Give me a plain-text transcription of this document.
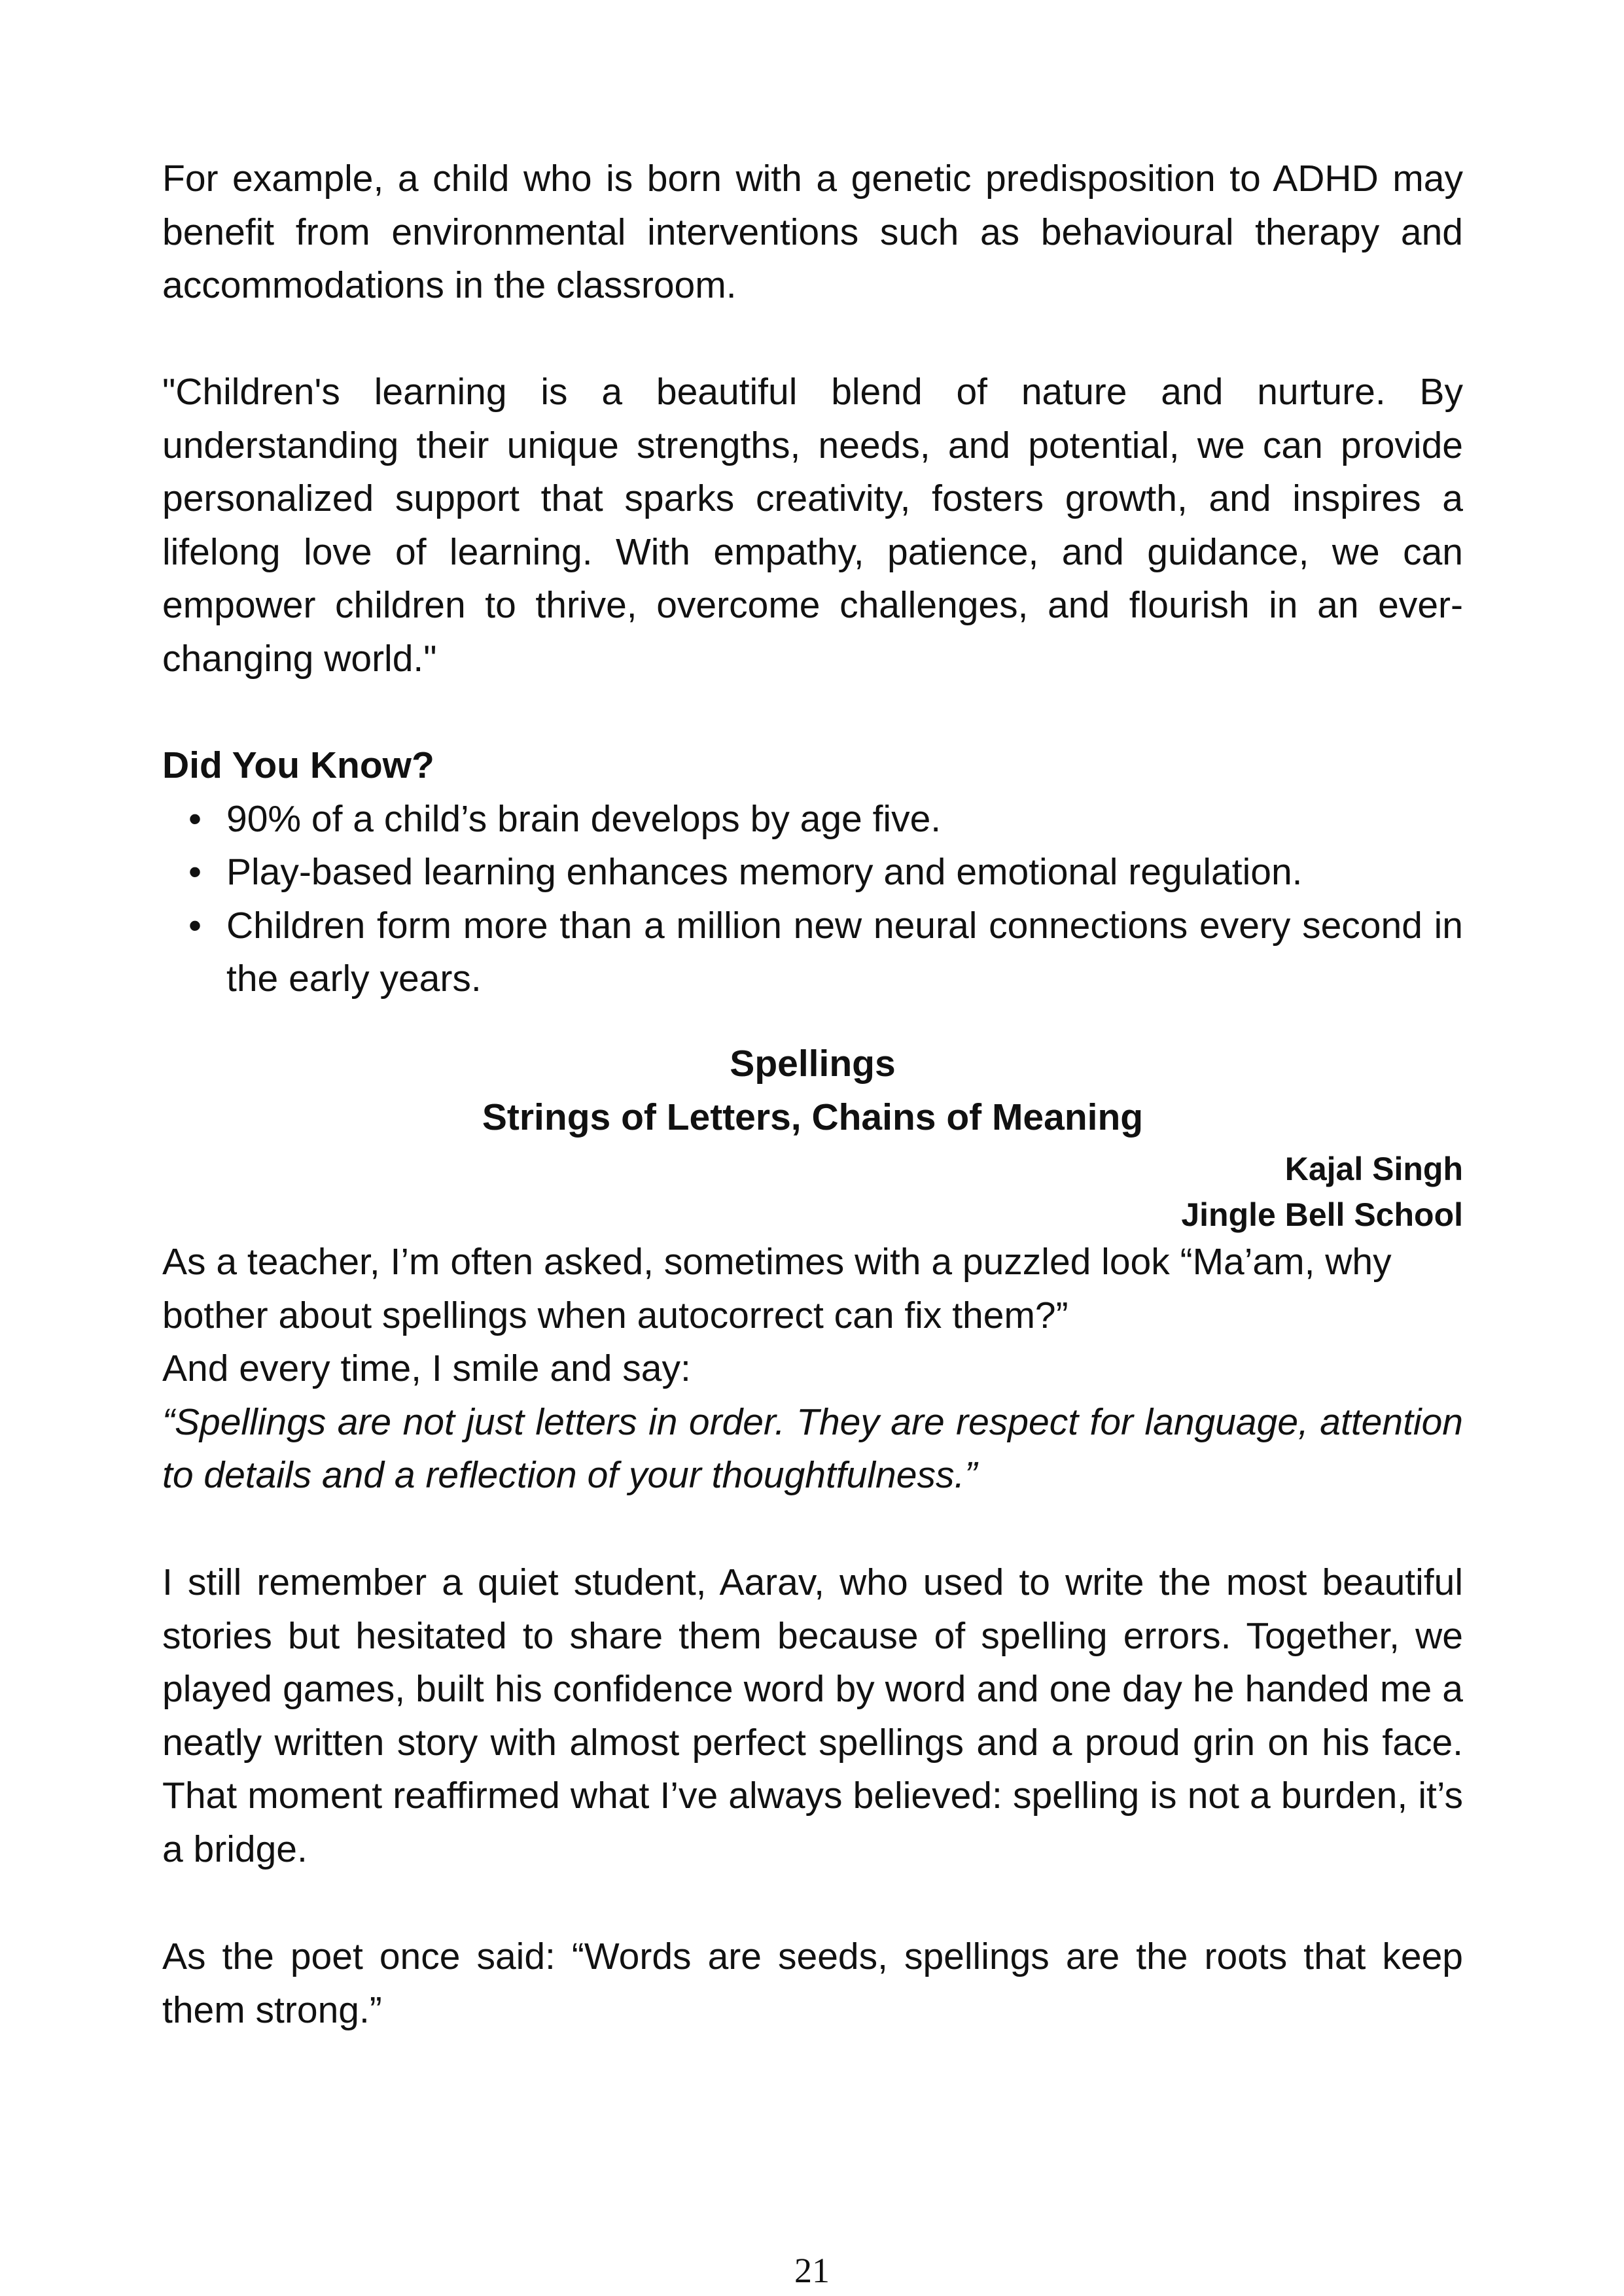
For example, a child who is born with a genetic predisposition to ADHD may benefit from environmental interventions such as behavioural therapy and accommodations in the classroom.

"Children's learning is a beautiful blend of nature and nurture. By understanding their unique strengths, needs, and potential, we can provide personalized support that sparks creativity, fosters growth, and inspires a lifelong love of learning. With empathy, patience, and guidance, we can empower children to thrive, overcome challenges, and flourish in an ever-changing world."

Did You Know?

• 90% of a child’s brain develops by age five.
• Play-based learning enhances memory and emotional regulation.
• Children form more than a million new neural connections every second in the early years.

Spellings

Strings of Letters, Chains of Meaning

Kajal Singh

Jingle Bell School

As a teacher, I’m often asked, sometimes with a puzzled look “Ma’am, why bother about spellings when autocorrect can fix them?”

And every time, I smile and say:

“Spellings are not just letters in order. They are respect for language, attention to details and a reflection of your thoughtfulness.”

I still remember a quiet student, Aarav, who used to write the most beautiful stories but hesitated to share them because of spelling errors. Together, we played games, built his confidence word by word and one day he handed me a neatly written story with almost perfect spellings and a proud grin on his face. That moment reaffirmed what I’ve always believed: spelling is not a burden, it’s a bridge.

As the poet once said: “Words are seeds, spellings are the roots that keep them strong.”

21
